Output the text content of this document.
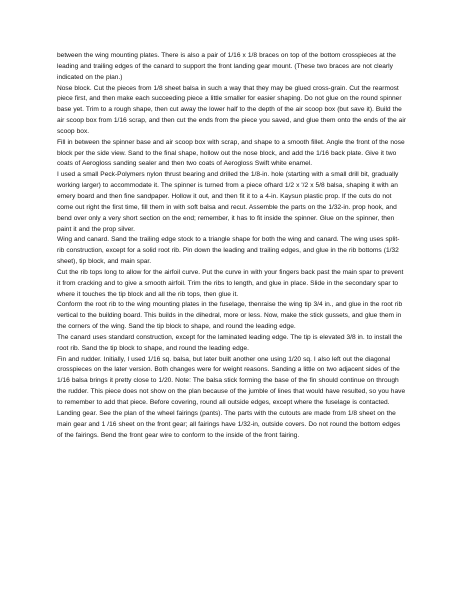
between the wing mounting plates. There is also a pair of 1/16 x 1/8 braces on top of the bottom crosspieces at the leading and trailing edges of the canard to support the front landing gear mount. (These two braces are not clearly indicated on the plan.)

Nose block. Cut the pieces from 1/8 sheet balsa in such a way that they may be glued cross-grain. Cut the rearmost piece first, and then make each succeeding piece a little smaller for easier shaping. Do not glue on the round spinner base yet. Trim to a rough shape, then cut away the lower half to the depth of the air scoop box (but save it). Build the air scoop box from 1/16 scrap, and then cut the ends from the piece you saved, and glue them onto the ends of the air scoop box.

Fill in between the spinner base and air scoop box with scrap, and shape to a smooth fillet. Angle the front of the nose block per the side view. Sand to the final shape, hollow out the nose block, and add the 1/16 back plate. Give it two coats of Aerogloss sanding sealer and then two coats of Aerogloss Swift white enamel.

I used a small Peck-Polymers nylon thrust bearing and drilled the 1/8-in. hole (starting with a small drill bit, gradually working larger) to accommodate it. The spinner is turned from a piece ofhard 1/2 x '/2 x 5/8 balsa, shaping it with an emery board and then fine sandpaper. Hollow it out, and then fit it to a 4-in. Kaysun plastic prop. If the cuts do not come out right the first time, fill them in with soft balsa and recut. Assemble the parts on the 1/32-in. prop hook, and bend over only a very short section on the end; remember, it has to fit inside the spinner. Glue on the spinner, then paint it and the prop silver.

Wing and canard. Sand the trailing edge stock to a triangle shape for both the wing and canard. The wing uses split-rib construction, except for a solid root rib. Pin down the leading and trailing edges, and glue in the rib bottoms (1/32 sheet), tip block, and main spar.

Cut the rib tops long to allow for the airfoil curve. Put the curve in with your fingers back past the main spar to prevent it from cracking and to give a smooth airfoil. Trim the ribs to length, and glue in place. Slide in the secondary spar to where it touches the tip block and all the rib tops, then glue it.

Conform the root rib to the wing mounting plates in the fuselage, thenraise the wing tip 3/4 in., and glue in the root rib vertical to the building board. This builds in the dihedral, more or less. Now, make the stick gussets, and glue them in the corners of the wing. Sand the tip block to shape, and round the leading edge.

The canard uses standard construction, except for the laminated leading edge. The tip is elevated 3/8 in. to install the root rib. Sand the tip block to shape, and round the leading edge.

Fin and rudder. Initially, I used 1/16 sq. balsa, but later built another one using 1/20 sq. I also left out the diagonal crosspieces on the later version. Both changes were for weight reasons. Sanding a little on two adjacent sides of the 1/16 balsa brings it pretty close to 1/20. Note: The balsa stick forming the base of the fin should continue on through the rudder. This piece does not show on the plan because of the jumble of lines that would have resulted, so you have to remember to add that piece. Before covering, round all outside edges, except where the fuselage is contacted.

Landing gear. See the plan of the wheel fairings (pants). The parts with the cutouts are made from 1/8 sheet on the main gear and 1 /16 sheet on the front gear; all fairings have 1/32-in, outside covers. Do not round the bottom edges

of the fairings. Bend the front gear wire to conform to the inside of the front fairing.
